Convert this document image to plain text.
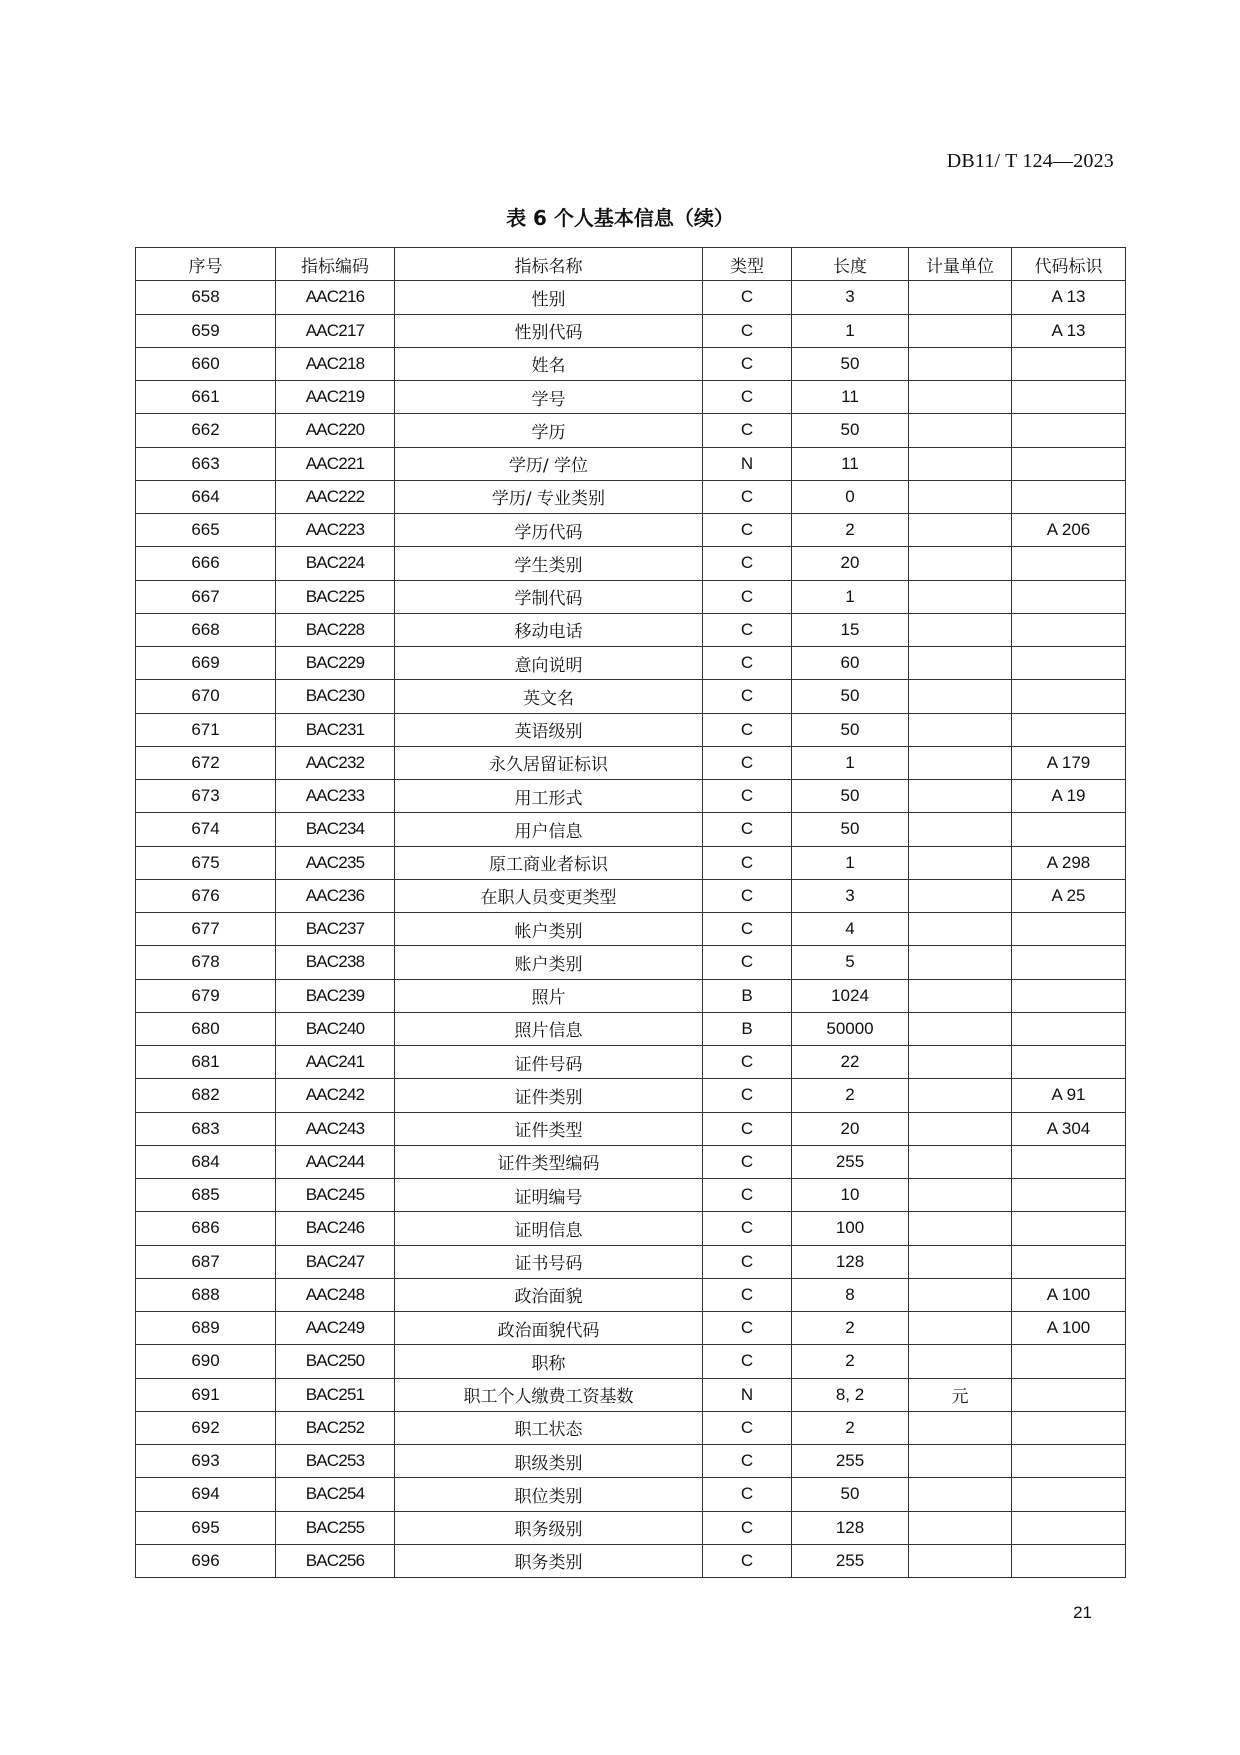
DB11/ T 124—2023
表 6 个人基本信息（续）
序号	指标编码	指标名称	类型	长度	计量单位	代码标识
658	AAC216	性别	C	3		A 13
659	AAC217	性别代码	C	1		A 13
660	AAC218	姓名	C	50		
661	AAC219	学号	C	11		
662	AAC220	学历	C	50		
663	AAC221	学历/ 学位	N	11		
664	AAC222	学历/ 专业类别	C	0		
665	AAC223	学历代码	C	2		A 206
666	BAC224	学生类别	C	20		
667	BAC225	学制代码	C	1		
668	BAC228	移动电话	C	15		
669	BAC229	意向说明	C	60		
670	BAC230	英文名	C	50		
671	BAC231	英语级别	C	50		
672	AAC232	永久居留证标识	C	1		A 179
673	AAC233	用工形式	C	50		A 19
674	BAC234	用户信息	C	50		
675	AAC235	原工商业者标识	C	1		A 298
676	AAC236	在职人员变更类型	C	3		A 25
677	BAC237	帐户类别	C	4		
678	BAC238	账户类别	C	5		
679	BAC239	照片	B	1024		
680	BAC240	照片信息	B	50000		
681	AAC241	证件号码	C	22		
682	AAC242	证件类别	C	2		A 91
683	AAC243	证件类型	C	20		A 304
684	AAC244	证件类型编码	C	255		
685	BAC245	证明编号	C	10		
686	BAC246	证明信息	C	100		
687	BAC247	证书号码	C	128		
688	AAC248	政治面貌	C	8		A 100
689	AAC249	政治面貌代码	C	2		A 100
690	BAC250	职称	C	2		
691	BAC251	职工个人缴费工资基数	N	8, 2	元	
692	BAC252	职工状态	C	2		
693	BAC253	职级类别	C	255		
694	BAC254	职位类别	C	50		
695	BAC255	职务级别	C	128		
696	BAC256	职务类别	C	255		
21
